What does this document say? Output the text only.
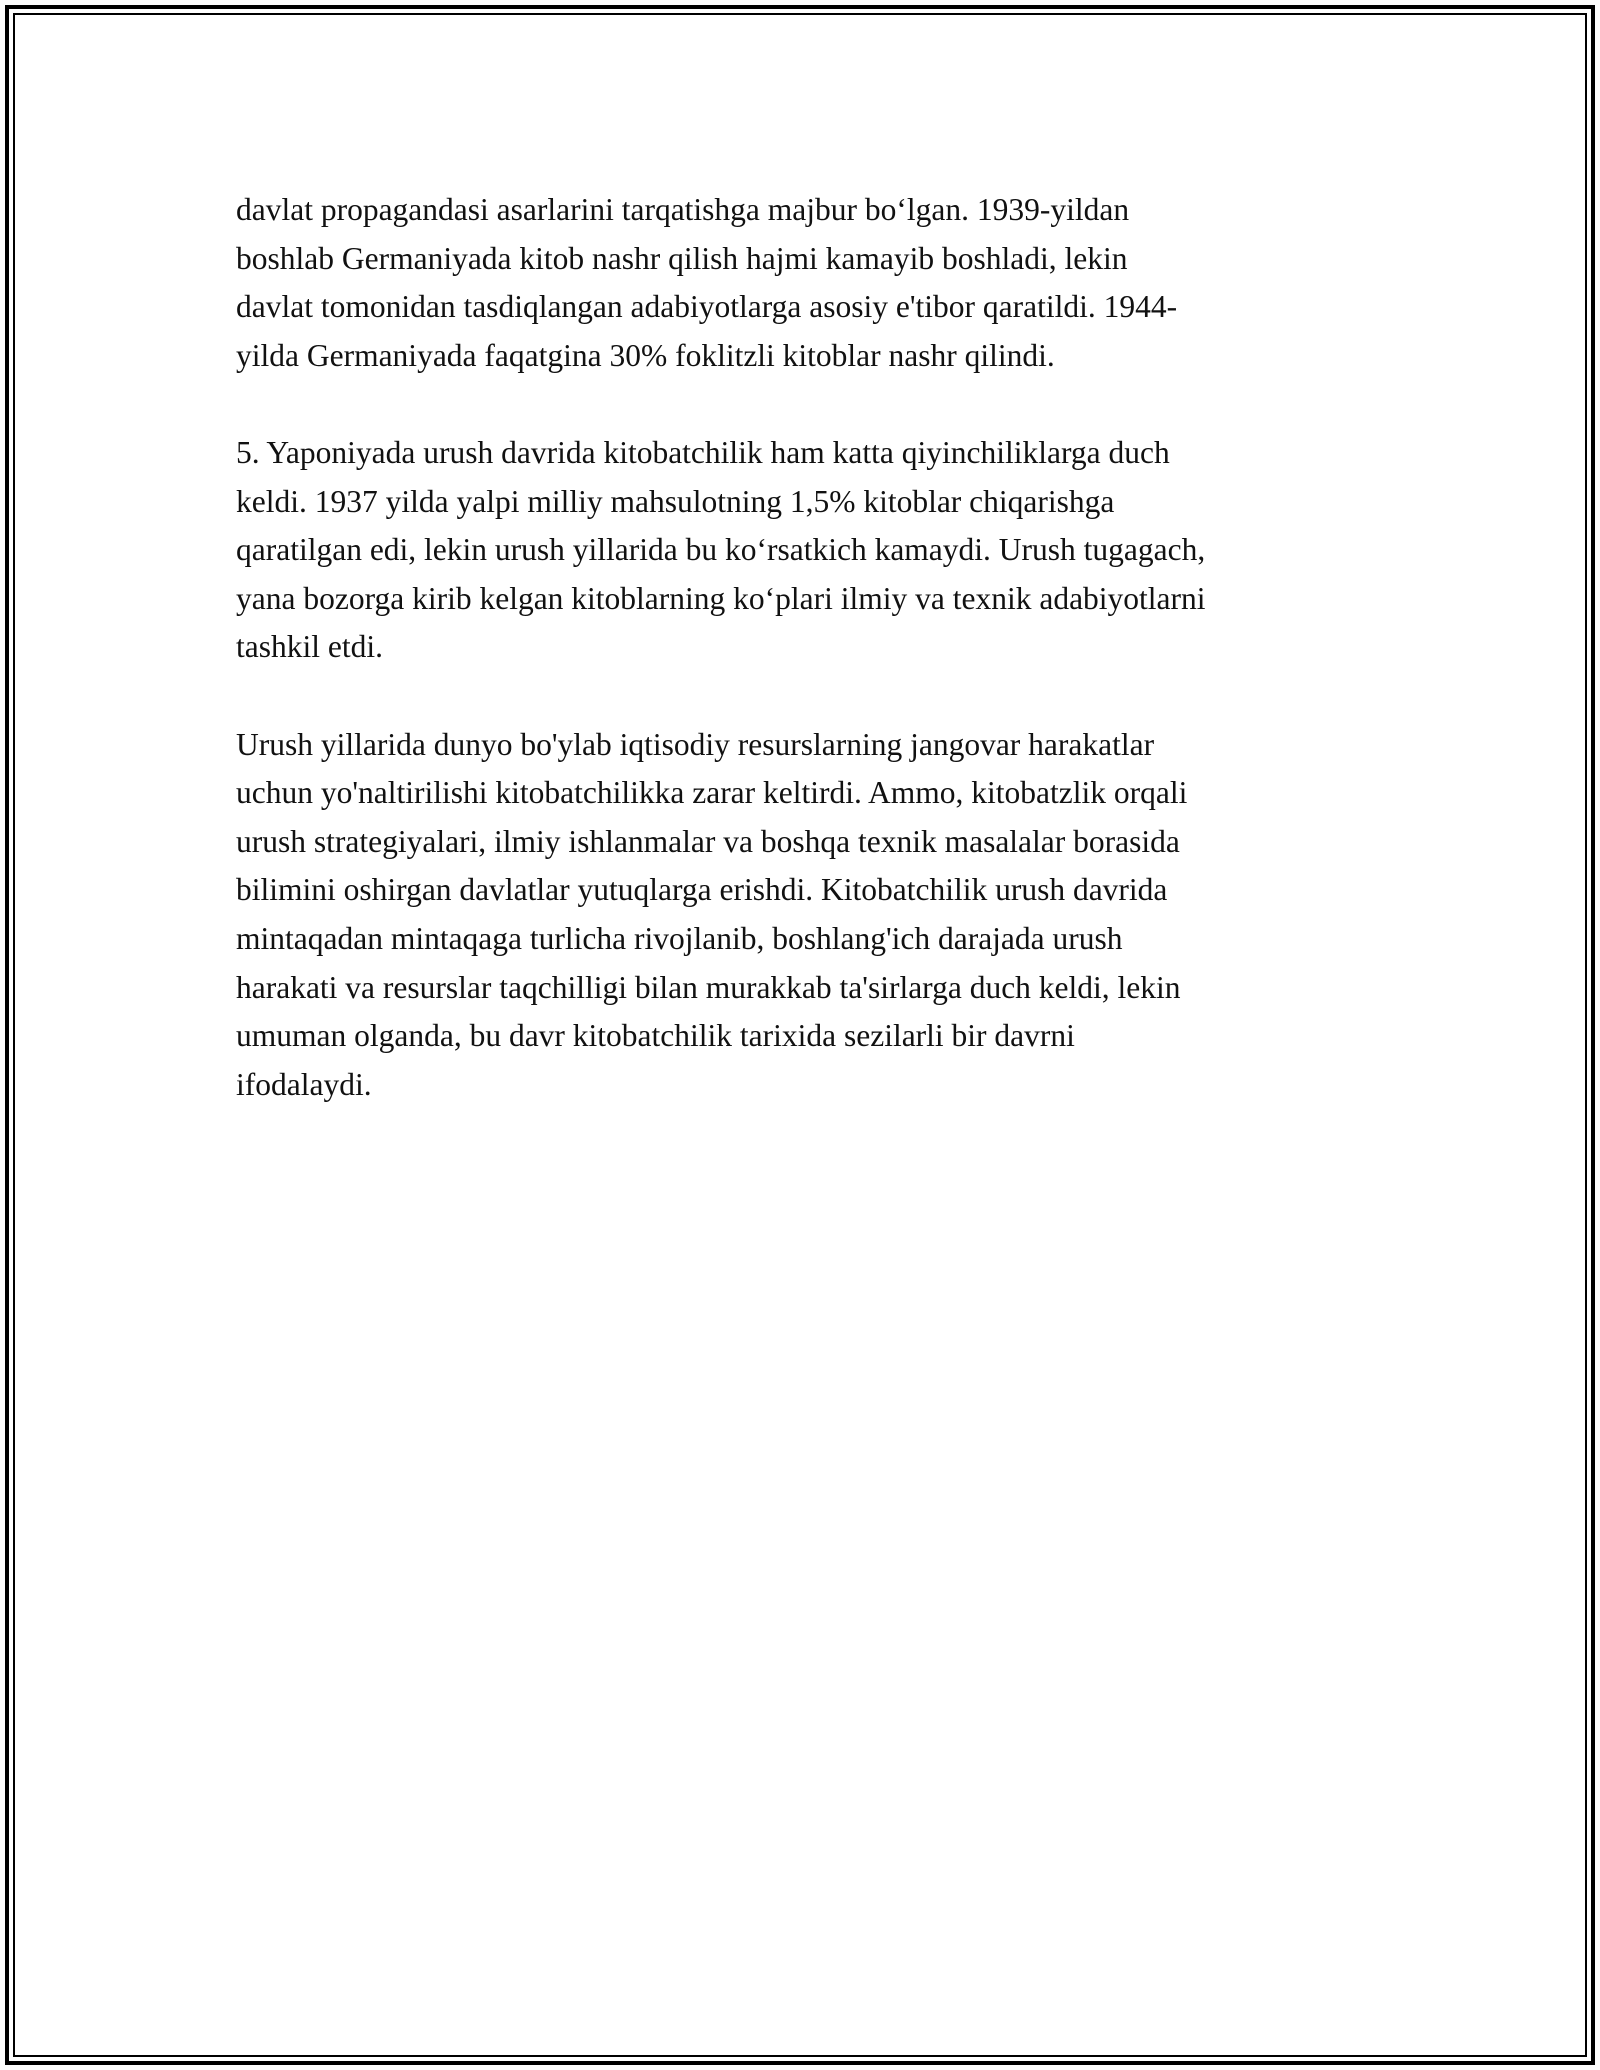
davlat propagandasi asarlarini tarqatishga majbur bo‘lgan. 1939-yildan
boshlab Germaniyada kitob nashr qilish hajmi kamayib boshladi, lekin
davlat tomonidan tasdiqlangan adabiyotlarga asosiy e'tibor qaratildi. 1944-
yilda Germaniyada faqatgina 30% foklitzli kitoblar nashr qilindi.

5. Yaponiyada urush davrida kitobatchilik ham katta qiyinchiliklarga duch
keldi. 1937 yilda yalpi milliy mahsulotning 1,5% kitoblar chiqarishga
qaratilgan edi, lekin urush yillarida bu ko‘rsatkich kamaydi. Urush tugagach,
yana bozorga kirib kelgan kitoblarning ko‘plari ilmiy va texnik adabiyotlarni
tashkil etdi.

Urush yillarida dunyo bo'ylab iqtisodiy resurslarning jangovar harakatlar
uchun yo'naltirilishi kitobatchilikka zarar keltirdi. Ammo, kitobatzlik orqali
urush strategiyalari, ilmiy ishlanmalar va boshqa texnik masalalar borasida
bilimini oshirgan davlatlar yutuqlarga erishdi. Kitobatchilik urush davrida
mintaqadan mintaqaga turlicha rivojlanib, boshlang'ich darajada urush
harakati va resurslar taqchilligi bilan murakkab ta'sirlarga duch keldi, lekin
umuman olganda, bu davr kitobatchilik tarixida sezilarli bir davrni
ifodalaydi.
